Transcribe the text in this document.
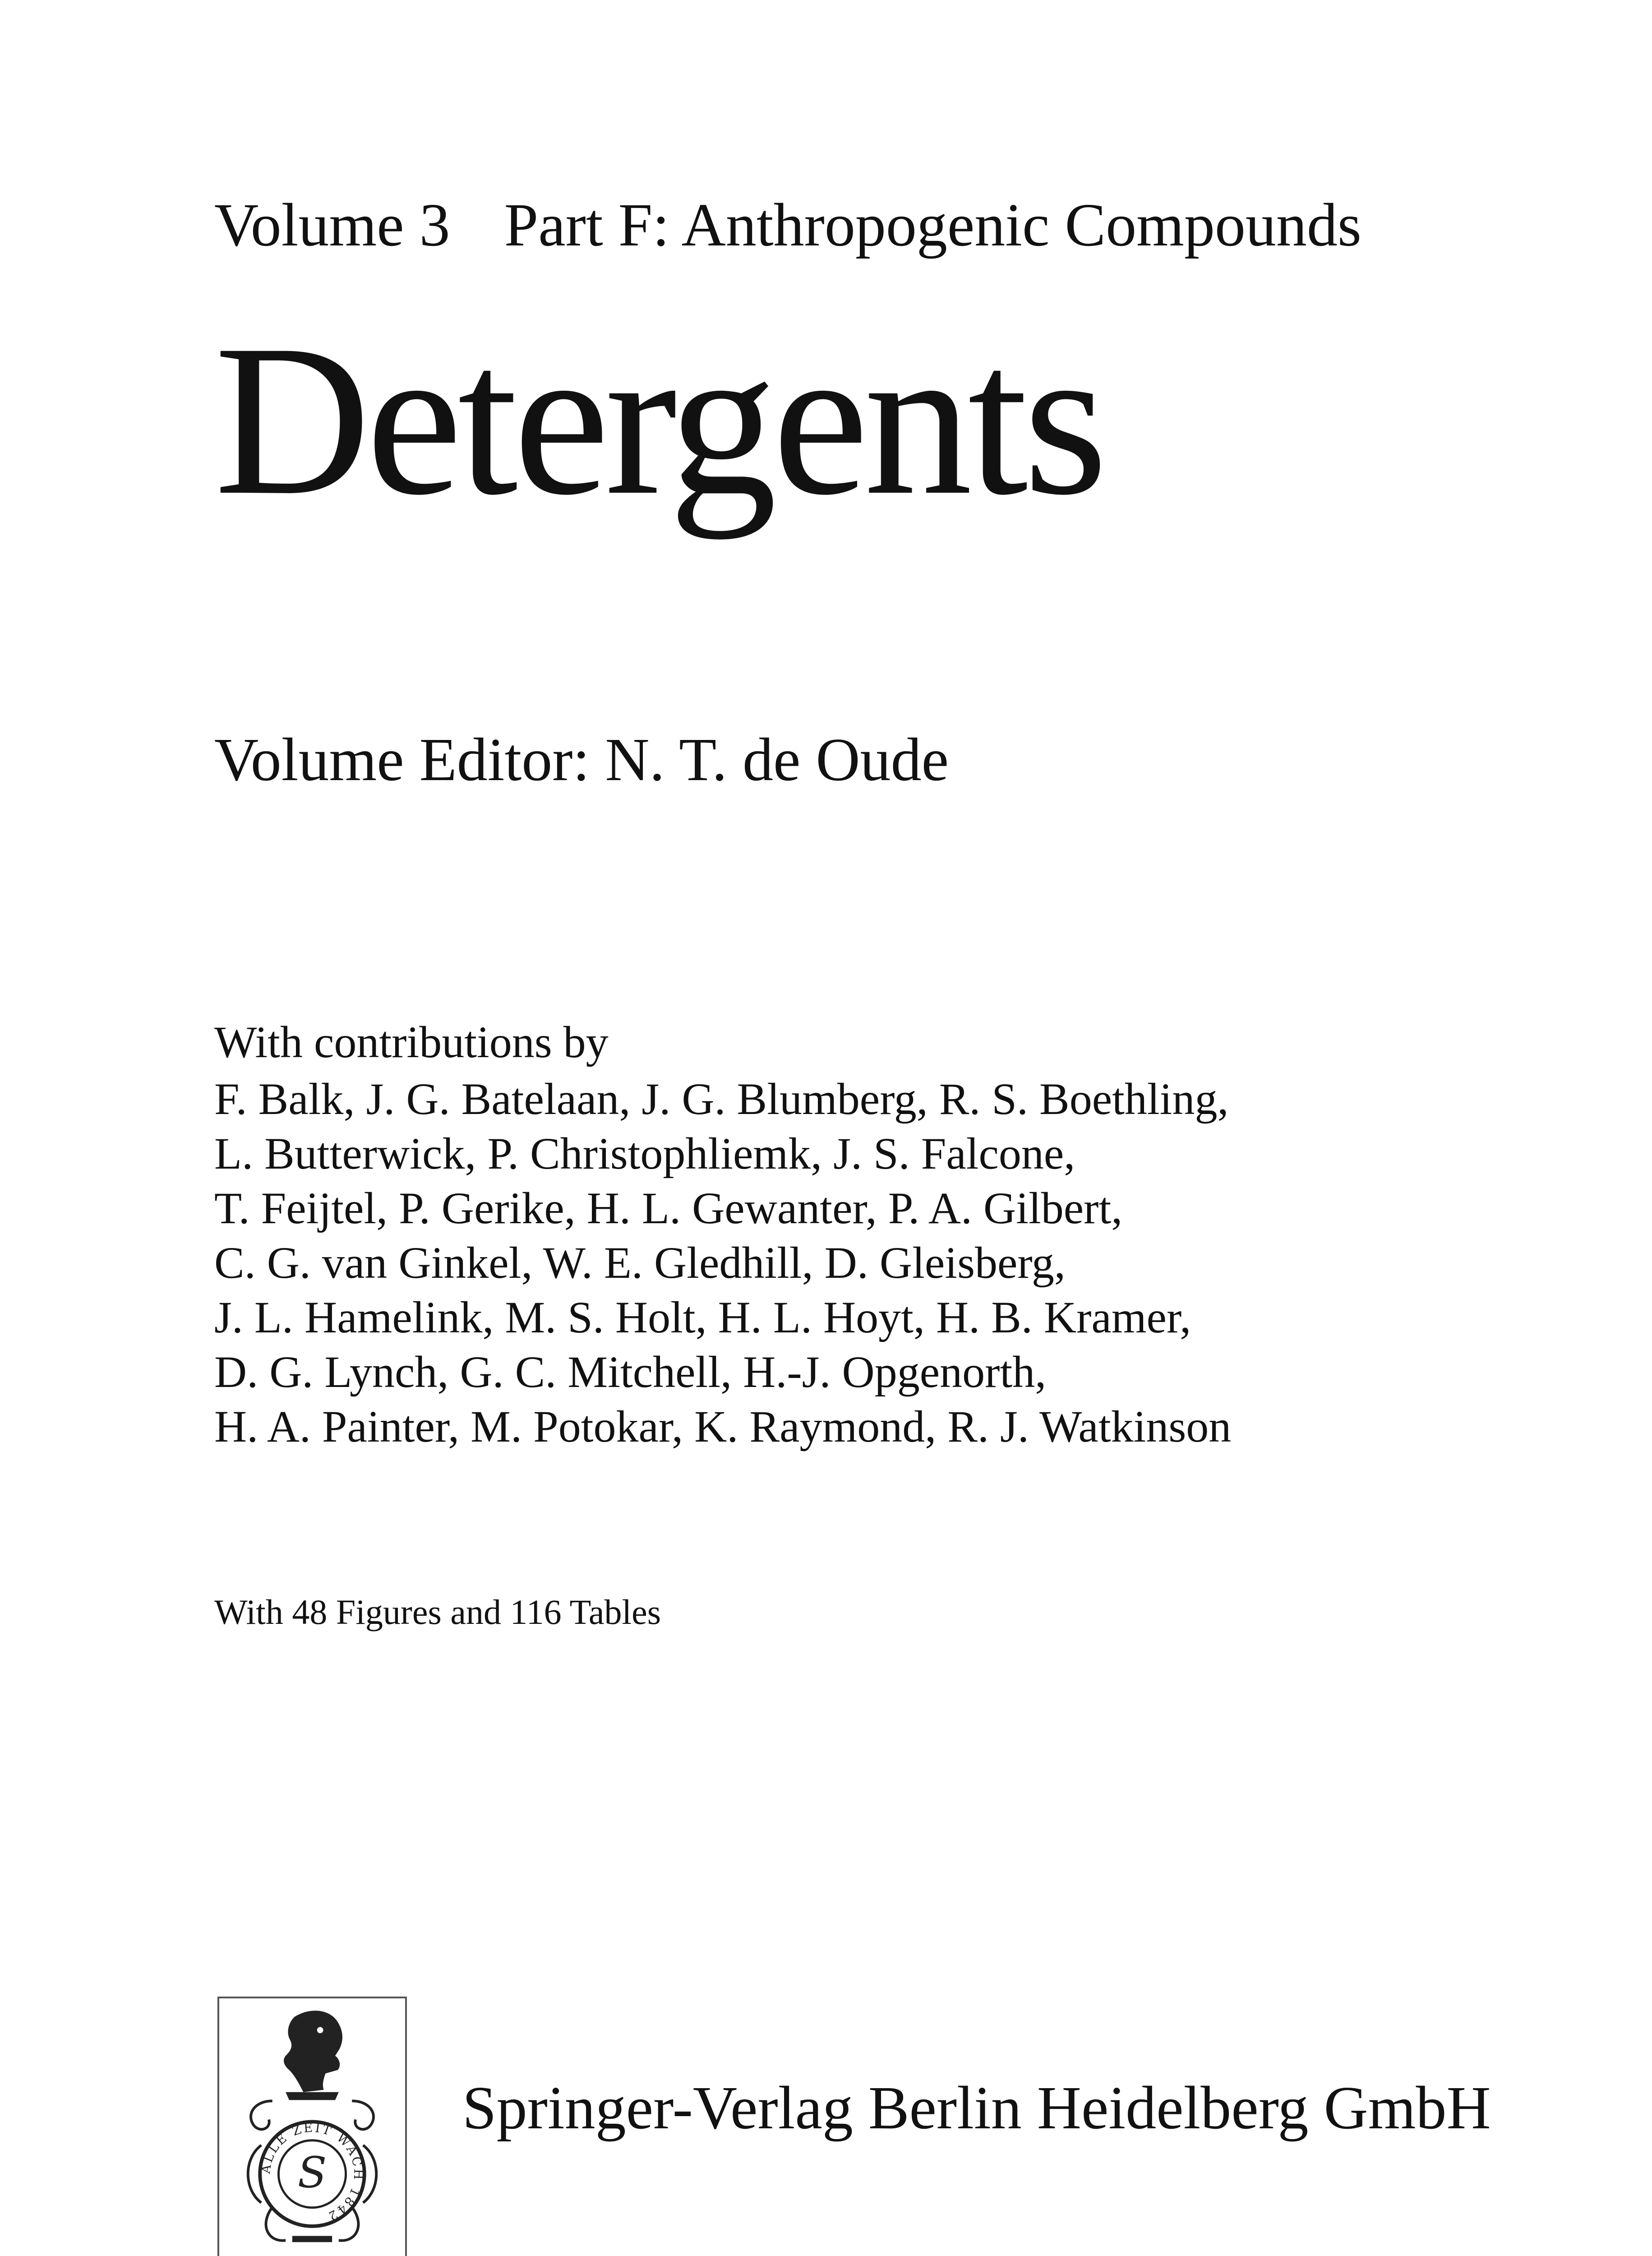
Volume 3 Part F: Anthropogenic Compounds
Detergents
Volume Editor: N. T. de Oude
With contributions by
F. Balk, J. G. Batelaan, J. G. Blumberg, R. S. Boethling,
L. Butterwick, P. Christophliemk, J. S. Falcone,
T. Feijtel, P. Gerike, H. L. Gewanter, P. A. Gilbert,
C. G. van Ginkel, W. E. Gledhill, D. Gleisberg,
J. L. Hamelink, M. S. Holt, H. L. Hoyt, H. B. Kramer,
D. G. Lynch, G. C. Mitchell, H.-J. Opgenorth,
H. A. Painter, M. Potokar, K. Raymond, R. J. Watkinson
With 48 Figures and 116 Tables
ALLE ZEIT WACH 1842
S
Springer-Verlag Berlin Heidelberg GmbH
